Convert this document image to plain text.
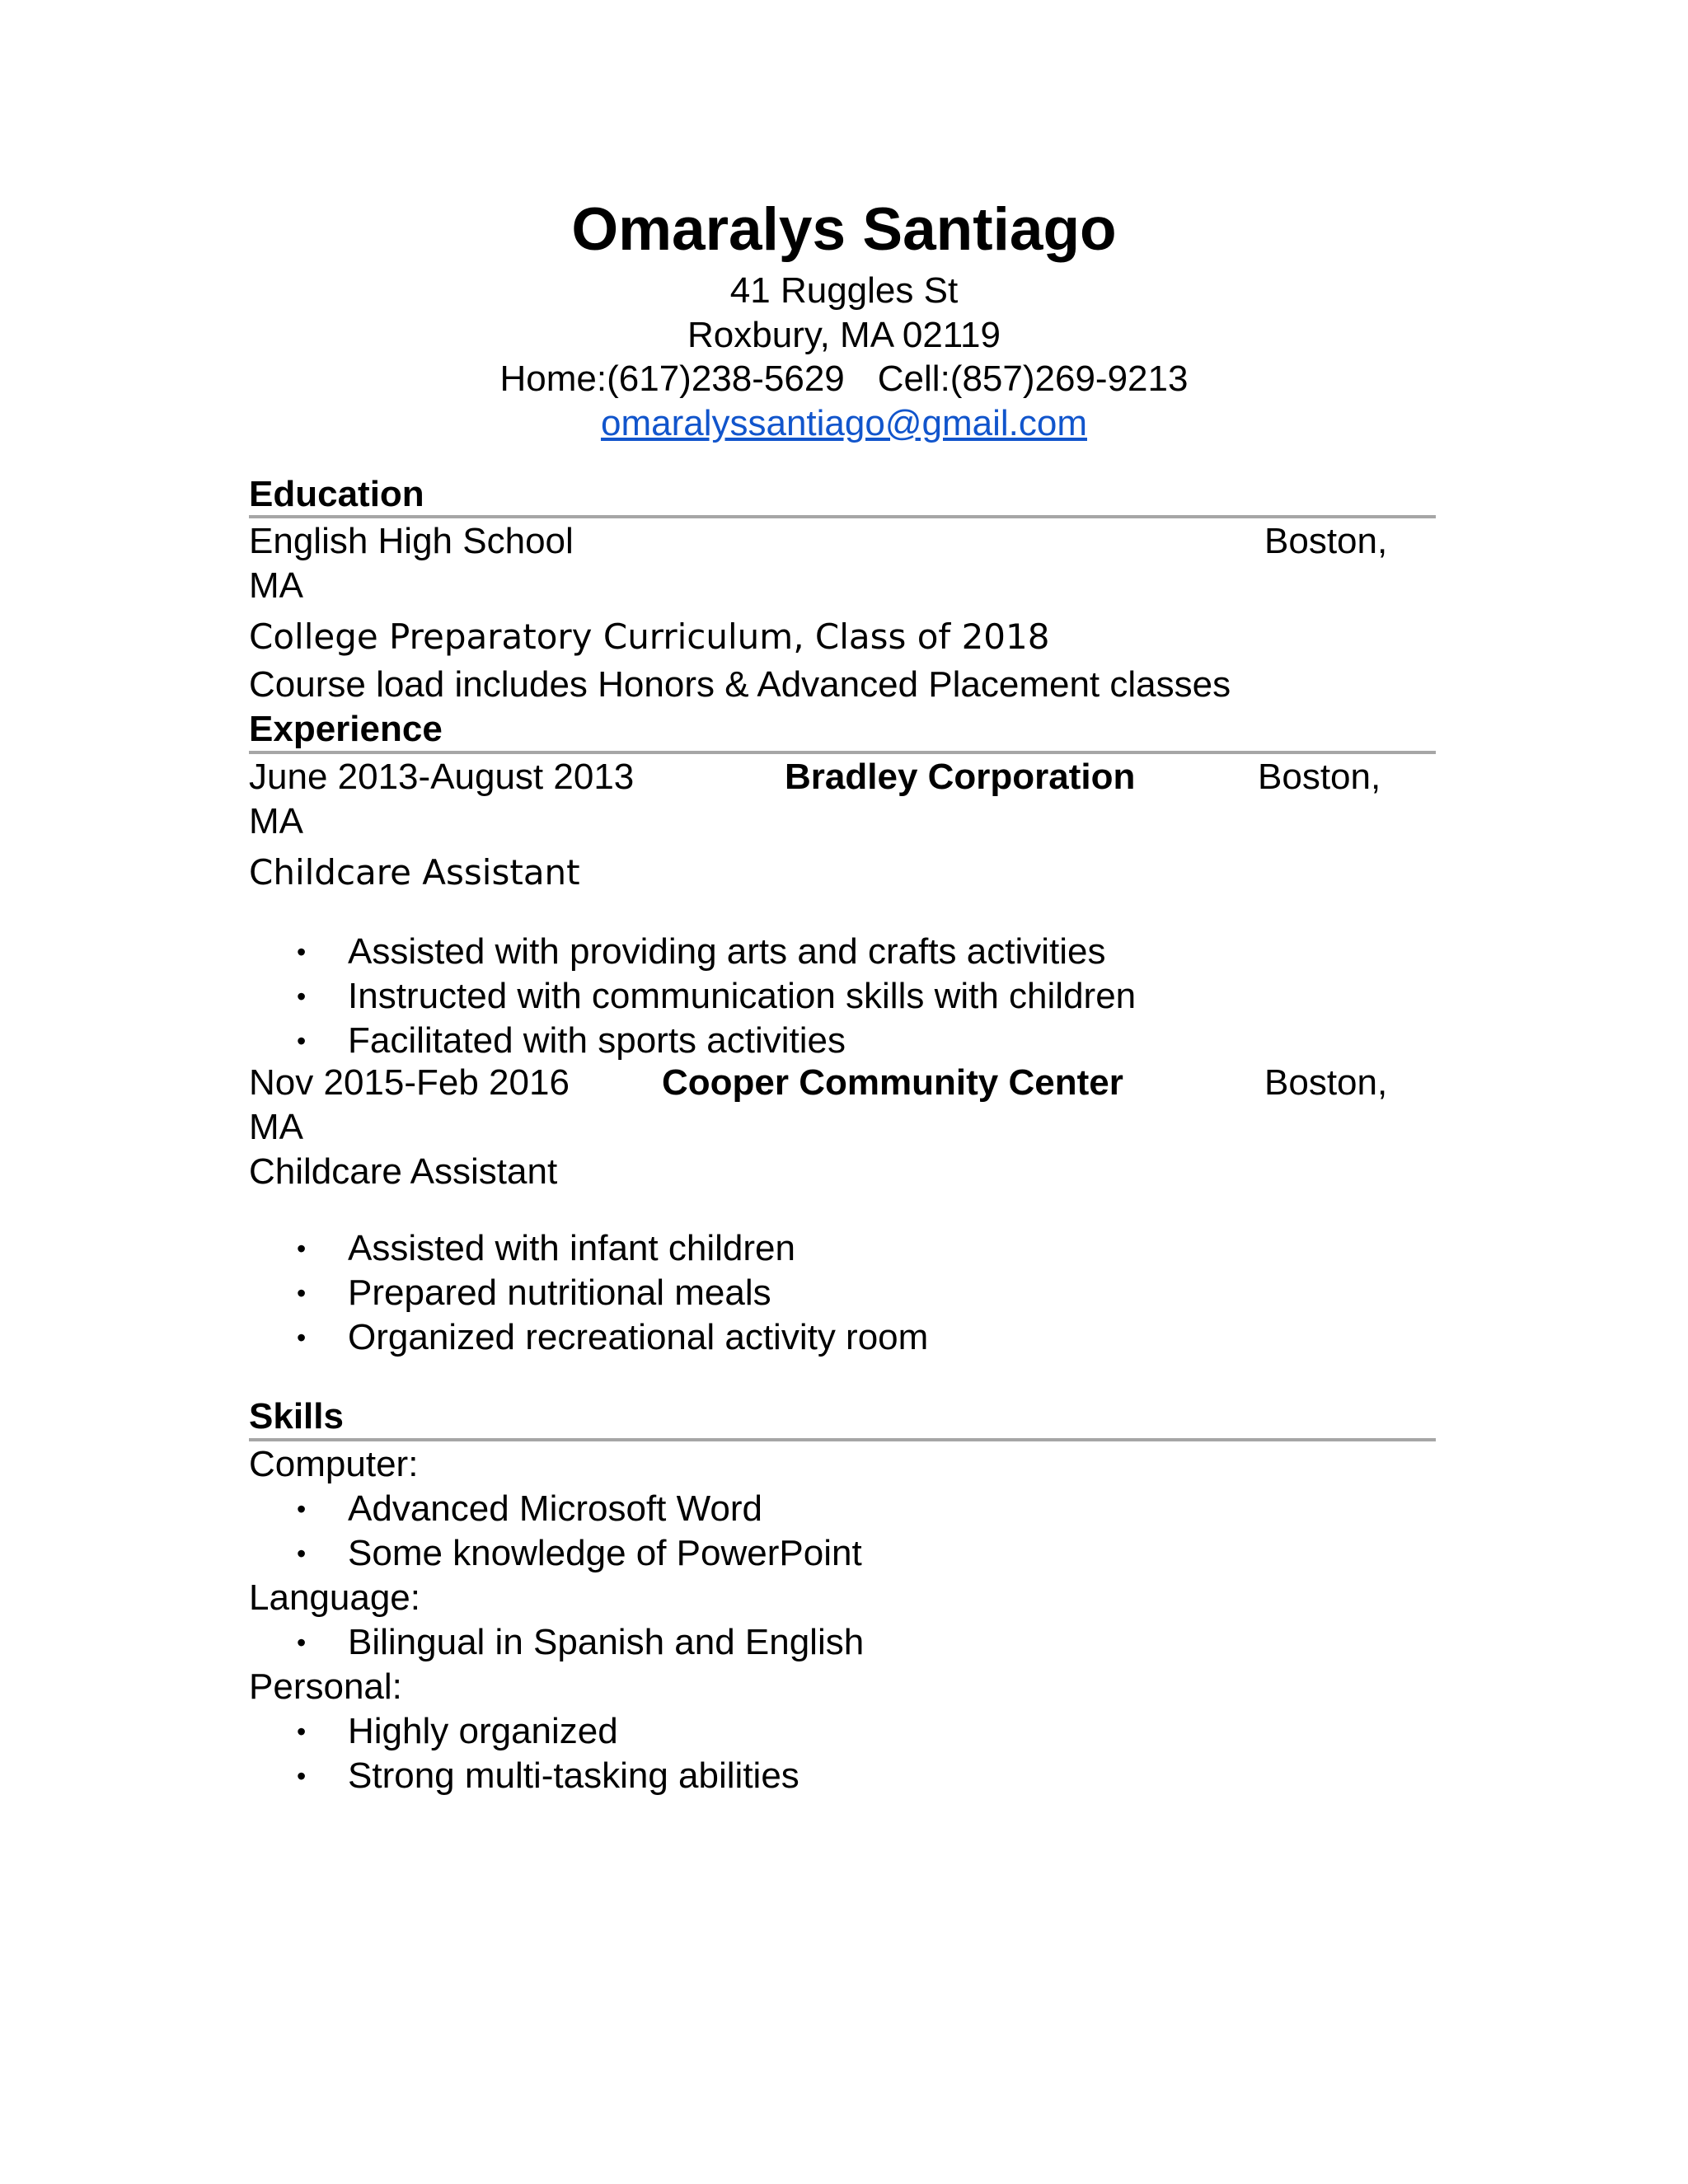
Omaralys Santiago
41 Ruggles St
Roxbury, MA 02119
Home:(617)238-5629 Cell:(857)269-9213
omaralyssantiago@gmail.com
Education
English High School	Boston,
MA
College Preparatory Curriculum, Class of 2018
Course load includes Honors & Advanced Placement classes
Experience
June 2013-August 2013	Bradley Corporation	Boston,
MA
Childcare Assistant
• Assisted with providing arts and crafts activities
• Instructed with communication skills with children
• Facilitated with sports activities
Nov 2015-Feb 2016	Cooper Community Center	Boston,
MA
Childcare Assistant
• Assisted with infant children
• Prepared nutritional meals
• Organized recreational activity room
Skills
Computer:
• Advanced Microsoft Word
• Some knowledge of PowerPoint
Language:
• Bilingual in Spanish and English
Personal:
• Highly organized
• Strong multi-tasking abilities
